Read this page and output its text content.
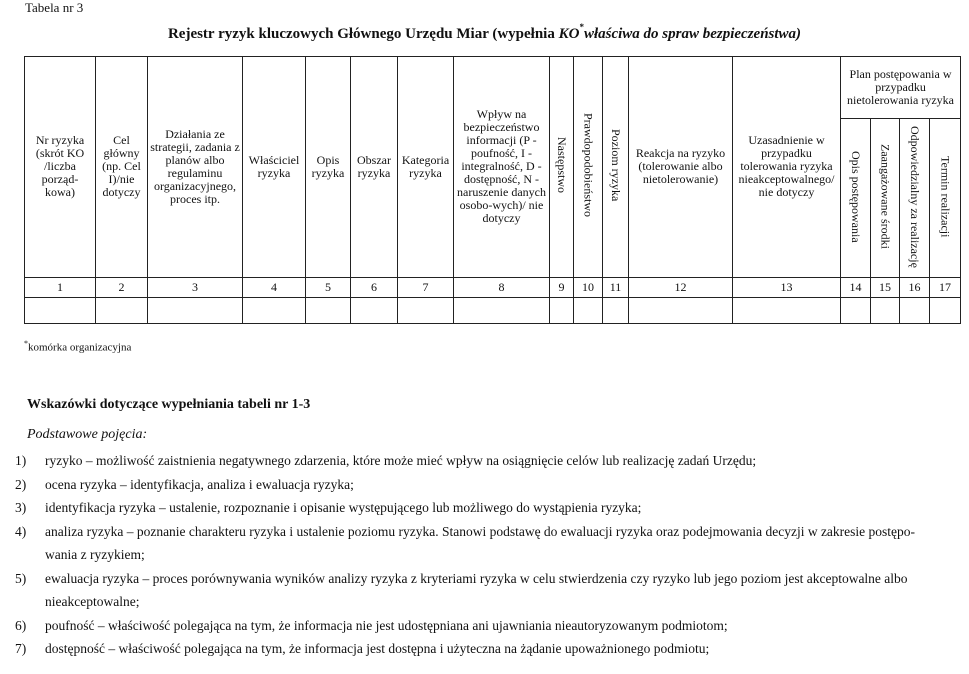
Tabela nr 3
Rejestr ryzyk kluczowych Głównego Urzędu Miar (wypełnia KO*właściwa do spraw bezpieczeństwa)
Nr ryzyka (skrót KO /liczba porząd-kowa)	Cel główny (np. Cel I)/nie dotyczy	Działania ze strategii, zadania z planów albo regulaminu organizacyjnego, proces itp.	Właściciel ryzyka	Opis ryzyka	Obszar ryzyka	Kategoria ryzyka	Wpływ na bezpieczeństwo informacji (P -poufność, I - integralność, D - dostępność, N - naruszenie danych osobo-wych)/ nie dotyczy	Następstwo	Prawdopodobieństwo	Poziom ryzyka	Reakcja na ryzyko (tolerowanie albo nietolerowanie)	Uzasadnienie w przypadku tolerowania ryzyka nieakceptowalnego/ nie dotyczy	Plan postępowania w przypadku nietolerowania ryzyka			
													Opis postępowania	Zaangażowane środki	Odpowiedzialny za realizację	Termin realizacji
1	2	3	4	5	6	7	8	9	10	11	12	13	14	15	16	17

*komórka organizacyjna
Wskazówki dotyczące wypełniania tabeli nr 1-3
Podstawowe pojęcia:
1) ryzyko – możliwość zaistnienia negatywnego zdarzenia, które może mieć wpływ na osiągnięcie celów lub realizację zadań Urzędu;
2) ocena ryzyka – identyfikacja, analiza i ewaluacja ryzyka;
3) identyfikacja ryzyka – ustalenie, rozpoznanie i opisanie występującego lub możliwego do wystąpienia ryzyka;
4) analiza ryzyka – poznanie charakteru ryzyka i ustalenie poziomu ryzyka. Stanowi podstawę do ewaluacji ryzyka oraz podejmowania decyzji w zakresie postępo-
wania z ryzykiem;
5) ewaluacja ryzyka – proces porównywania wyników analizy ryzyka z kryteriami ryzyka w celu stwierdzenia czy ryzyko lub jego poziom jest akceptowalne albo
nieakceptowalne;
6) poufność – właściwość polegająca na tym, że informacja nie jest udostępniana ani ujawniania nieautoryzowanym podmiotom;
7) dostępność – właściwość polegająca na tym, że informacja jest dostępna i użyteczna na żądanie upoważnionego podmiotu;
